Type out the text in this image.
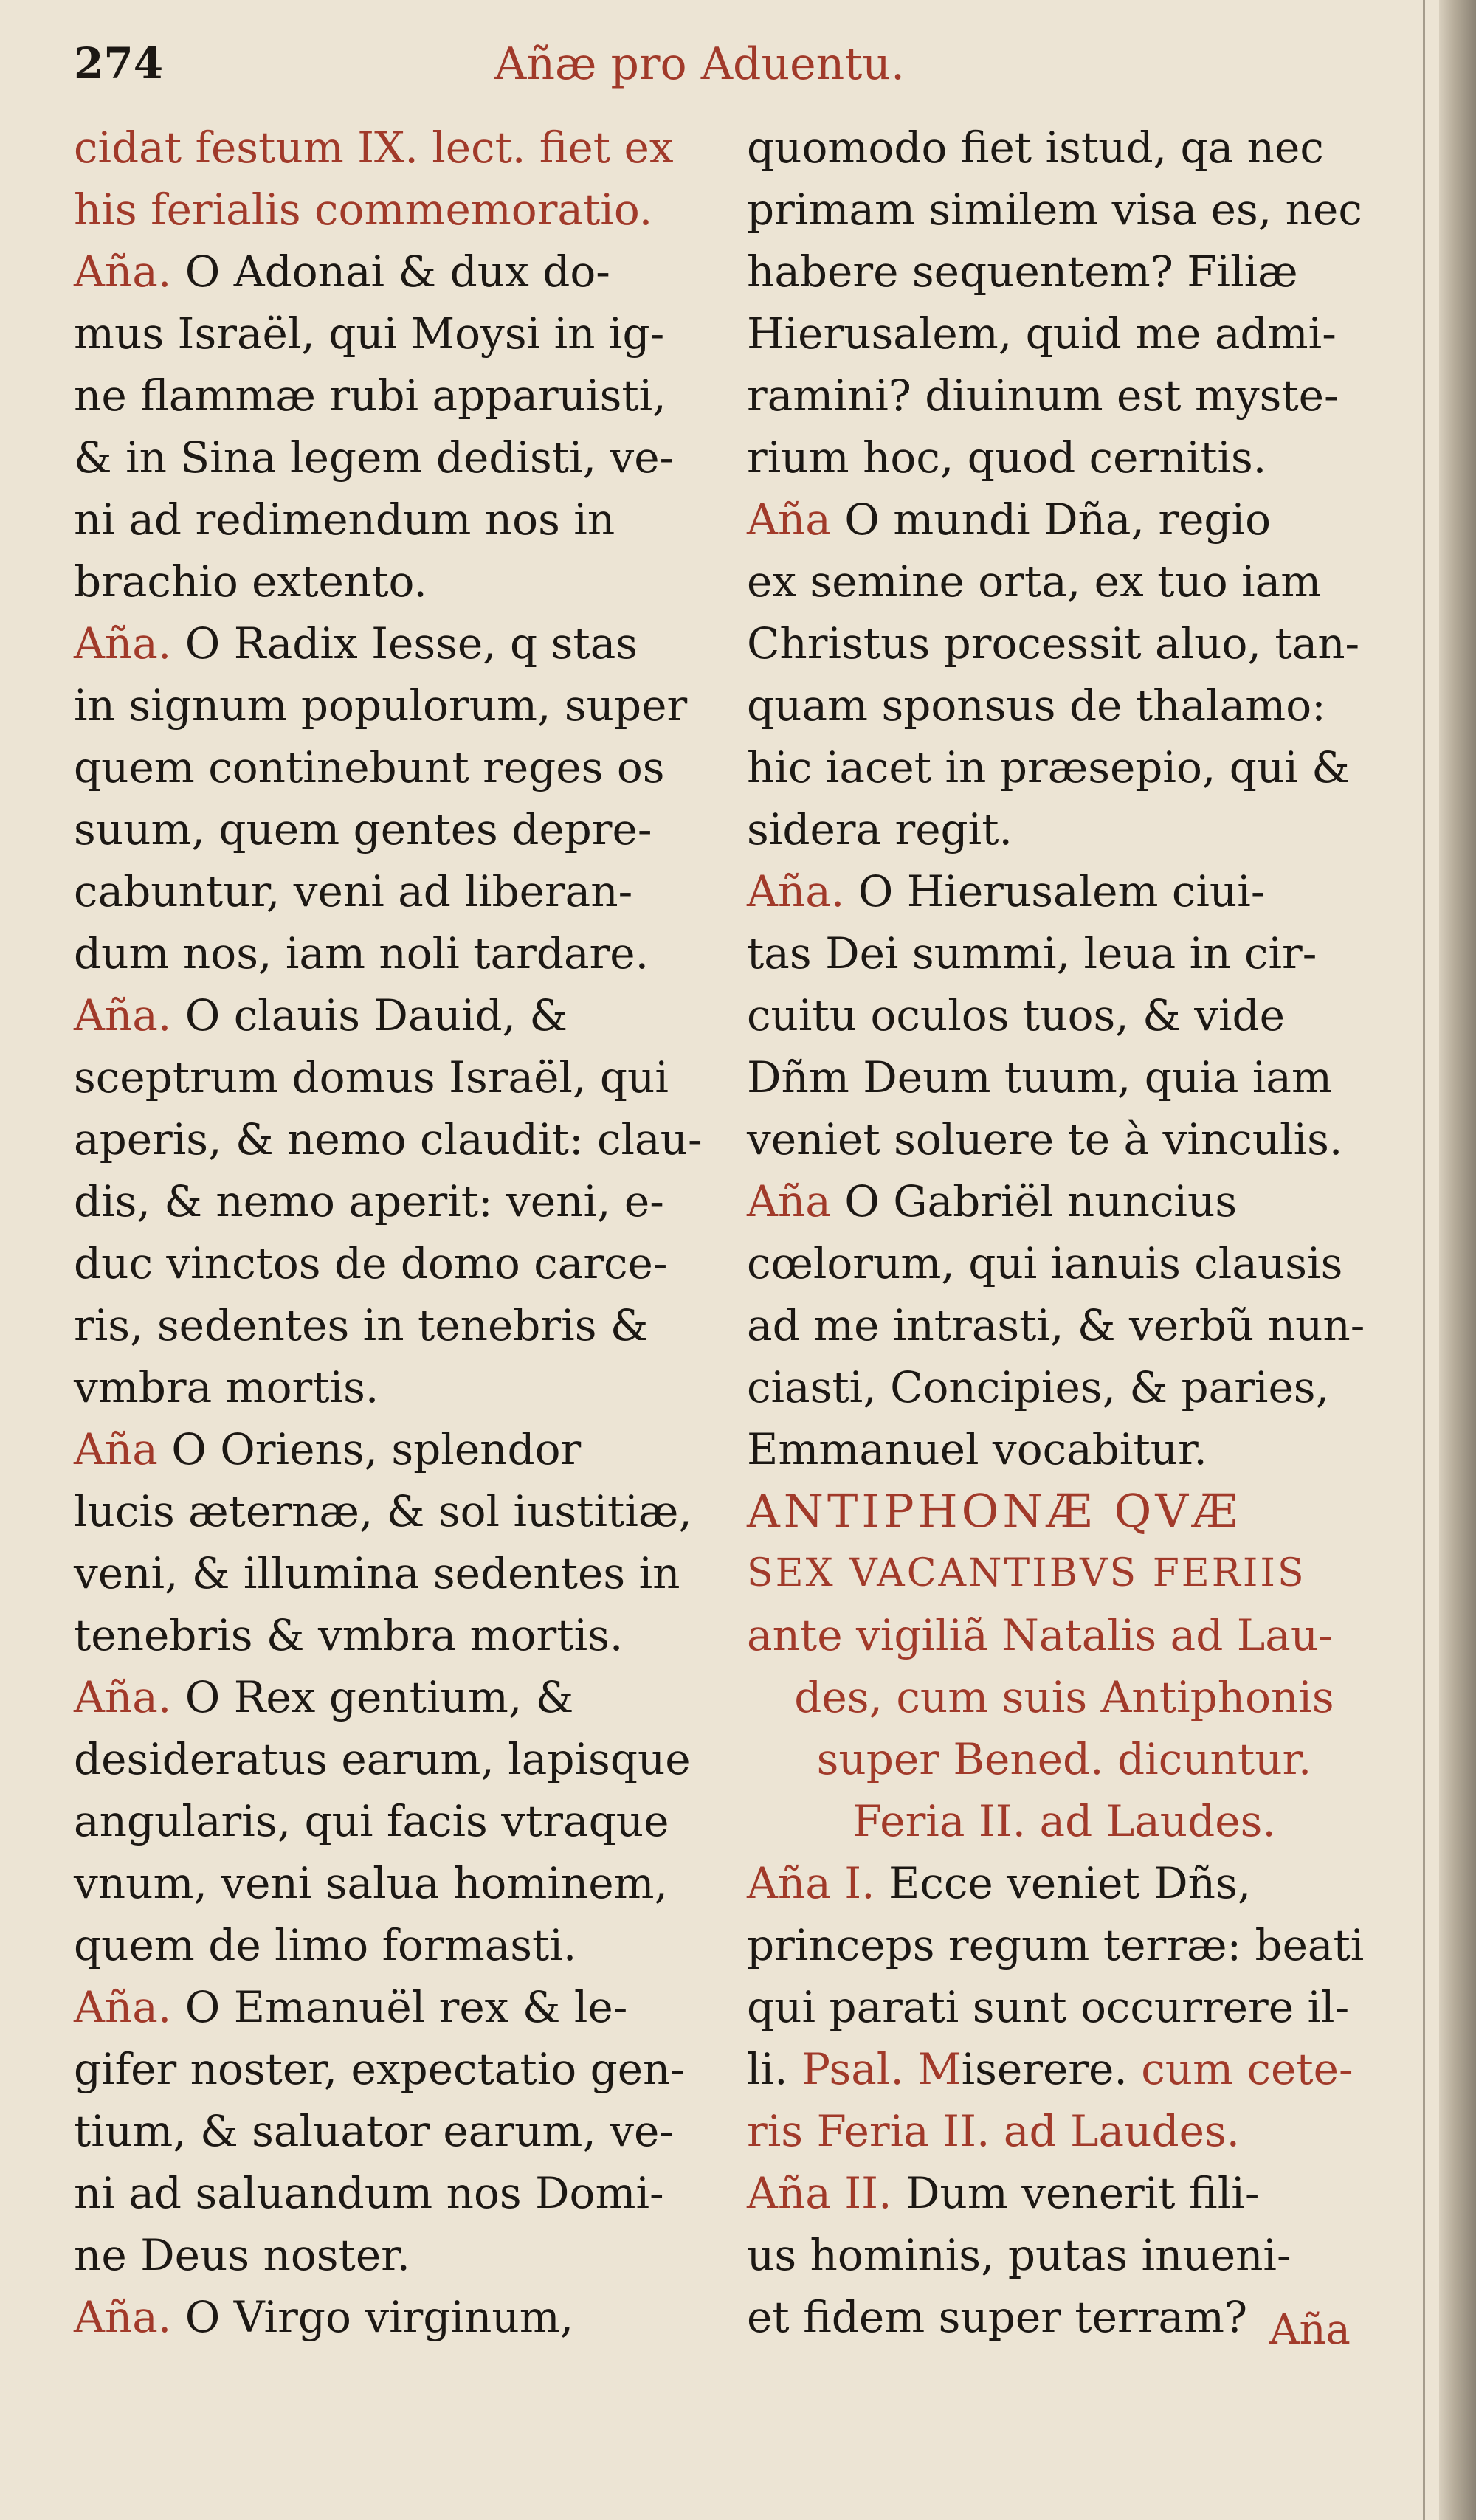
274	Añæ pro Aduentu.
cidat festum IX. lect. fiet ex
his ferialis commemoratio.
Aña. O Adonai & dux do-
mus Israël, qui Moysi in ig-
ne flammæ rubi apparuisti,
& in Sina legem dedisti, ve-
ni ad redimendum nos in
brachio extento.
Aña. O Radix Iesse, q stas
in signum populorum, super
quem continebunt reges os
suum, quem gentes depre-
cabuntur, veni ad liberan-
dum nos, iam noli tardare.
Aña. O clauis Dauid, &
sceptrum domus Israël, qui
aperis, & nemo claudit: clau-
dis, & nemo aperit: veni, e-
duc vinctos de domo carce-
ris, sedentes in tenebris &
vmbra mortis.
Aña O Oriens, splendor
lucis æternæ, & sol iustitiæ,
veni, & illumina sedentes in
tenebris & vmbra mortis.
Aña. O Rex gentium, &
desideratus earum, lapisque
angularis, qui facis vtraque
vnum, veni salua hominem,
quem de limo formasti.
Aña. O Emanuël rex & le-
gifer noster, expectatio gen-
tium, & saluator earum, ve-
ni ad saluandum nos Domi-
ne Deus noster.
Aña. O Virgo virginum,
quomodo fiet istud, qa nec
primam similem visa es, nec
habere sequentem? Filiæ
Hierusalem, quid me admi-
ramini? diuinum est myste-
rium hoc, quod cernitis.
Aña O mundi Dña, regio
ex semine orta, ex tuo iam
Christus processit aluo, tan-
quam sponsus de thalamo:
hic iacet in præsepio, qui &
sidera regit.
Aña. O Hierusalem ciui-
tas Dei summi, leua in cir-
cuitu oculos tuos, & vide
Dñm Deum tuum, quia iam
veniet soluere te à vinculis.
Aña O Gabriël nuncius
cœlorum, qui ianuis clausis
ad me intrasti, & verbũ nun-
ciasti, Concipies, & paries,
Emmanuel vocabitur.
ANTIPHONÆ QVÆ
SEX VACANTIBVS FERIIS
ante vigiliã Natalis ad Lau-
des, cum suis Antiphonis
super Bened. dicuntur.
Feria II. ad Laudes.
Aña I. Ecce veniet Dñs,
princeps regum terræ: beati
qui parati sunt occurrere il-
li. Psal. Miserere. cum cete-
ris Feria II. ad Laudes.
Aña II. Dum venerit fili-
us hominis, putas inueni-
et fidem super terram? Aña
